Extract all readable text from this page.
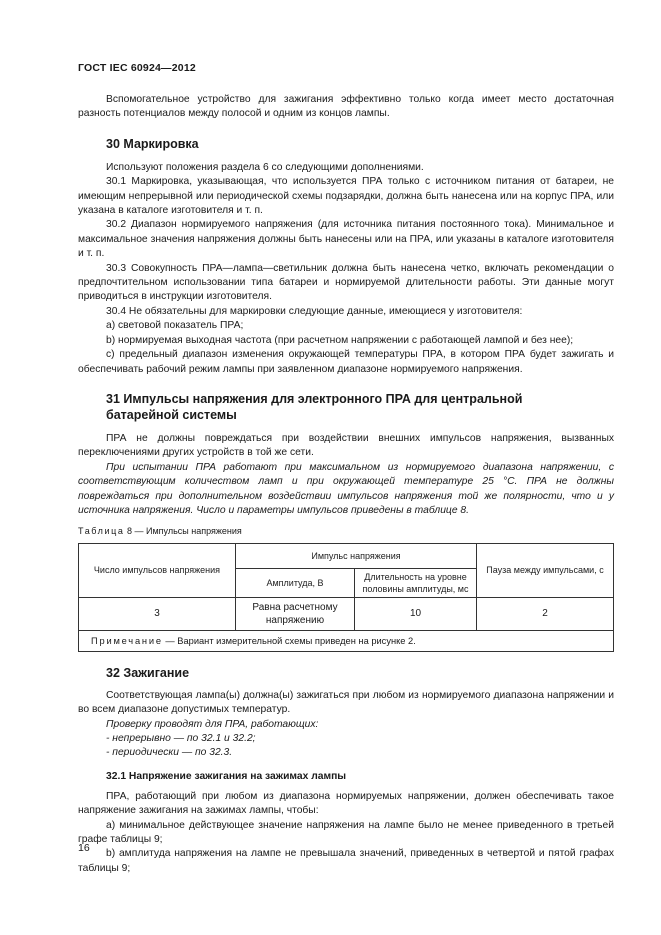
ГОСТ IEC 60924—2012

Вспомогательное устройство для зажигания эффективно только когда имеет место достаточная разность потенциалов между полосой и одним из концов лампы.

30 Маркировка

Используют положения раздела 6 со следующими дополнениями.

30.1 Маркировка, указывающая, что используется ПРА только с источником питания от батареи, не имеющим непрерывной или периодической схемы подзарядки, должна быть нанесена или на корпус ПРА, или указана в каталоге изготовителя и т. п.

30.2 Диапазон нормируемого напряжения (для источника питания постоянного тока). Минимальное и максимальное значения напряжения должны быть нанесены или на ПРА, или указаны в каталоге изготовителя и т. п.

30.3 Совокупность ПРА—лампа—светильник должна быть нанесена четко, включать рекомендации о предпочтительном использовании типа батареи и нормируемой длительности работы. Эти данные могут приводиться в инструкции изготовителя.

30.4 Не обязательны для маркировки следующие данные, имеющиеся у изготовителя:

а) световой показатель ПРА;

b) нормируемая выходная частота (при расчетном напряжении с работающей лампой и без нее);

c) предельный диапазон изменения окружающей температуры ПРА, в котором ПРА будет зажигать и обеспечивать рабочий режим лампы при заявленном диапазоне нормируемого напряжения.

31 Импульсы напряжения для электронного ПРА для центральной
батарейной системы

ПРА не должны повреждаться при воздействии внешних импульсов напряжения, вызванных переключениями других устройств в той же сети.

При испытании ПРА работают при максимальном из нормируемого диапазона напряжении, с соответствующим количеством ламп и при окружающей температуре 25 °С. ПРА не должны повреждаться при дополнительном воздействии импульсов напряжения той же полярности, что и у источника напряжения. Число и параметры импульсов приведены в таблице 8.

Таблица 8 — Импульсы напряжения
Число импульсов напряжения	Импульс напряжения		Пауза между импульсами, с
	Амплитуда, В	Длительность на уровне половины амплитуды, мс	
3	Равна расчетному напряжению	10	2
Примечание — Вариант измерительной схемы приведен на рисунке 2.			
32 Зажигание

Соответствующая лампа(ы) должна(ы) зажигаться при любом из нормируемого диапазона напряжении и во всем диапазоне допустимых температур.

Проверку проводят для ПРА, работающих:

- непрерывно — по 32.1 и 32.2;

- периодически — по 32.3.

32.1 Напряжение зажигания на зажимах лампы

ПРА, работающий при любом из диапазона нормируемых напряжении, должен обеспечивать такое напряжение зажигания на зажимах лампы, чтобы:

а) минимальное действующее значение напряжения на лампе было не менее приведенного в третьей графе таблицы 9;

b) амплитуда напряжения на лампе не превышала значений, приведенных в четвертой и пятой графах таблицы 9;

16
